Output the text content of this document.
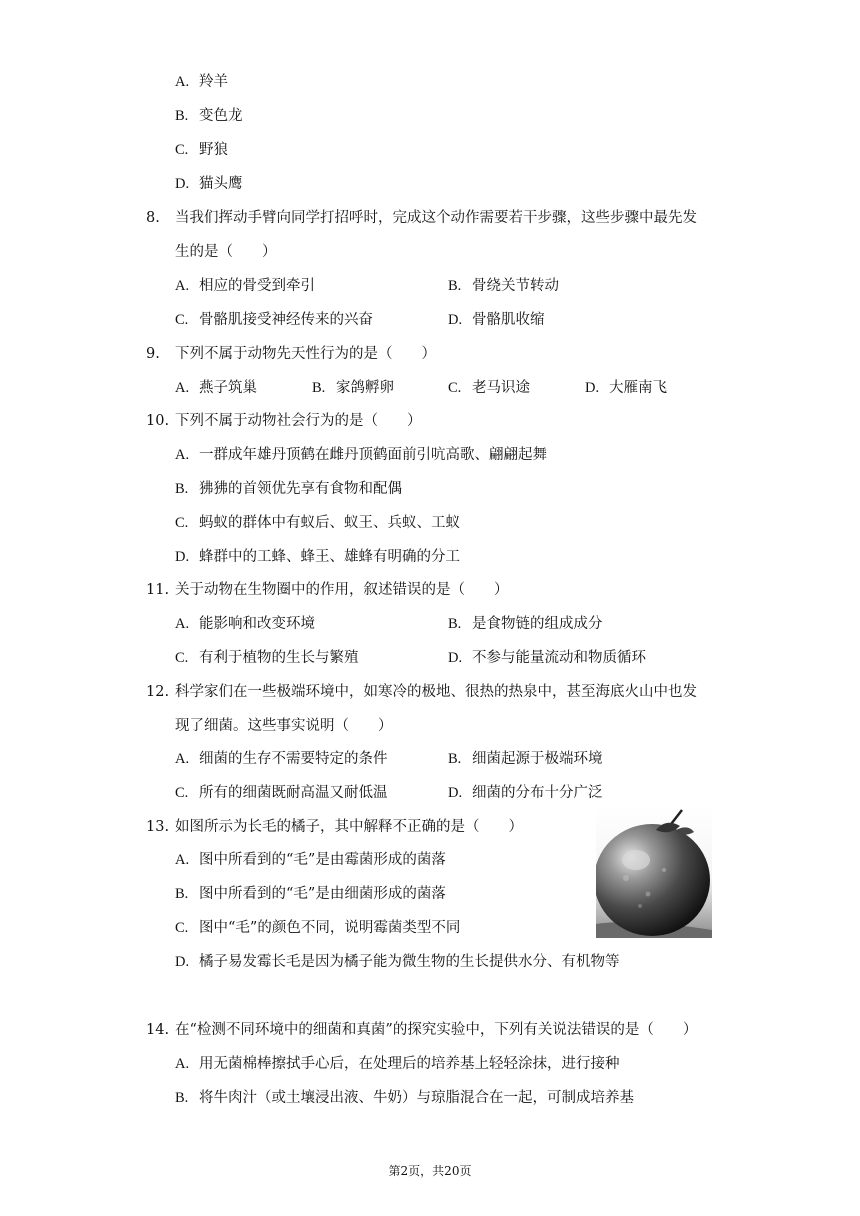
A. 羚羊
B. 变色龙
C. 野狼
D. 猫头鹰
8. 当我们挥动手臂向同学打招呼时，完成这个动作需要若干步骤，这些步骤中最先发
生的是（　　）
A. 相应的骨受到牵引	B. 骨绕关节转动
C. 骨骼肌接受神经传来的兴奋	D. 骨骼肌收缩
9. 下列不属于动物先天性行为的是（　　）
A. 燕子筑巢	B. 家鸽孵卵	C. 老马识途	D. 大雁南飞
10. 下列不属于动物社会行为的是（　　）
A. 一群成年雄丹顶鹤在雌丹顶鹤面前引吭高歌、翩翩起舞
B. 狒狒的首领优先享有食物和配偶
C. 蚂蚁的群体中有蚁后、蚁王、兵蚁、工蚁
D. 蜂群中的工蜂、蜂王、雄蜂有明确的分工
11. 关于动物在生物圈中的作用，叙述错误的是（　　）
A. 能影响和改变环境	B. 是食物链的组成成分
C. 有利于植物的生长与繁殖	D. 不参与能量流动和物质循环
12. 科学家们在一些极端环境中，如寒冷的极地、很热的热泉中，甚至海底火山中也发
现了细菌。这些事实说明（　　）
A. 细菌的生存不需要特定的条件	B. 细菌起源于极端环境
C. 所有的细菌既耐高温又耐低温	D. 细菌的分布十分广泛
13. 如图所示为长毛的橘子，其中解释不正确的是（　　）
A. 图中所看到的“毛”是由霉菌形成的菌落
B. 图中所看到的“毛”是由细菌形成的菌落
C. 图中“毛”的颜色不同，说明霉菌类型不同
D. 橘子易发霉长毛是因为橘子能为微生物的生长提供水分、有机物等
14. 在“检测不同环境中的细菌和真菌”的探究实验中，下列有关说法错误的是（　　）
A. 用无菌棉棒擦拭手心后，在处理后的培养基上轻轻涂抹，进行接种
B. 将牛肉汁（或土壤浸出液、牛奶）与琼脂混合在一起，可制成培养基
第2页，共20页
